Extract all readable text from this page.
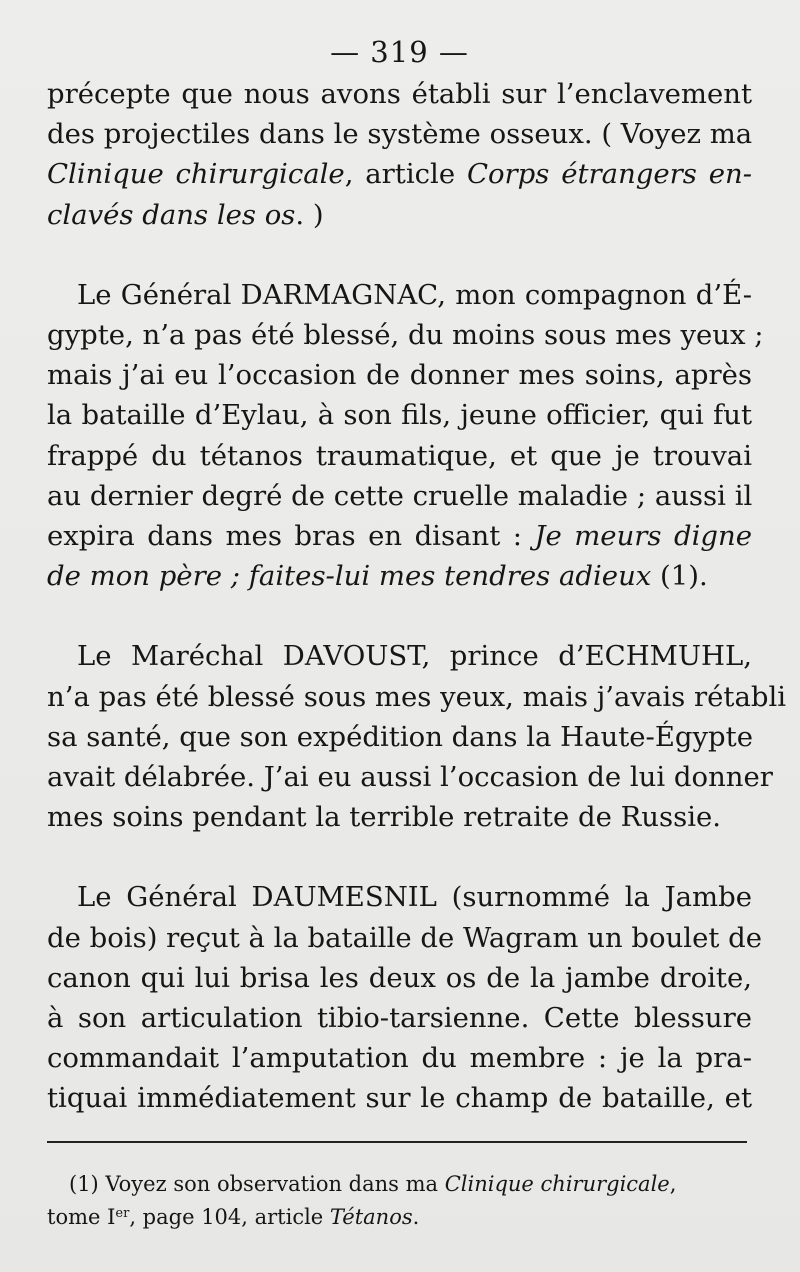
— 319 —
précepte que nous avons établi sur l’enclavement
des projectiles dans le système osseux. ( Voyez ma
Clinique chirurgicale, article Corps étrangers en-
clavés dans les os. )
Le Général DARMAGNAC, mon compagnon d’É-
gypte, n’a pas été blessé, du moins sous mes yeux ;
mais j’ai eu l’occasion de donner mes soins, après
la bataille d’Eylau, à son fils, jeune officier, qui fut
frappé du tétanos traumatique, et que je trouvai
au dernier degré de cette cruelle maladie ; aussi il
expira dans mes bras en disant : Je meurs digne
de mon père ; faites-lui mes tendres adieux (1).
Le Maréchal DAVOUST, prince d’ECHMUHL,
n’a pas été blessé sous mes yeux, mais j’avais rétabli
sa santé, que son expédition dans la Haute-Égypte
avait délabrée. J’ai eu aussi l’occasion de lui donner
mes soins pendant la terrible retraite de Russie.
Le Général DAUMESNIL (surnommé la Jambe
de bois) reçut à la bataille de Wagram un boulet de
canon qui lui brisa les deux os de la jambe droite,
à son articulation tibio-tarsienne. Cette blessure
commandait l’amputation du membre : je la pra-
tiquai immédiatement sur le champ de bataille, et
(1) Voyez son observation dans ma Clinique chirurgicale,
tome Ier, page 104, article Tétanos.
